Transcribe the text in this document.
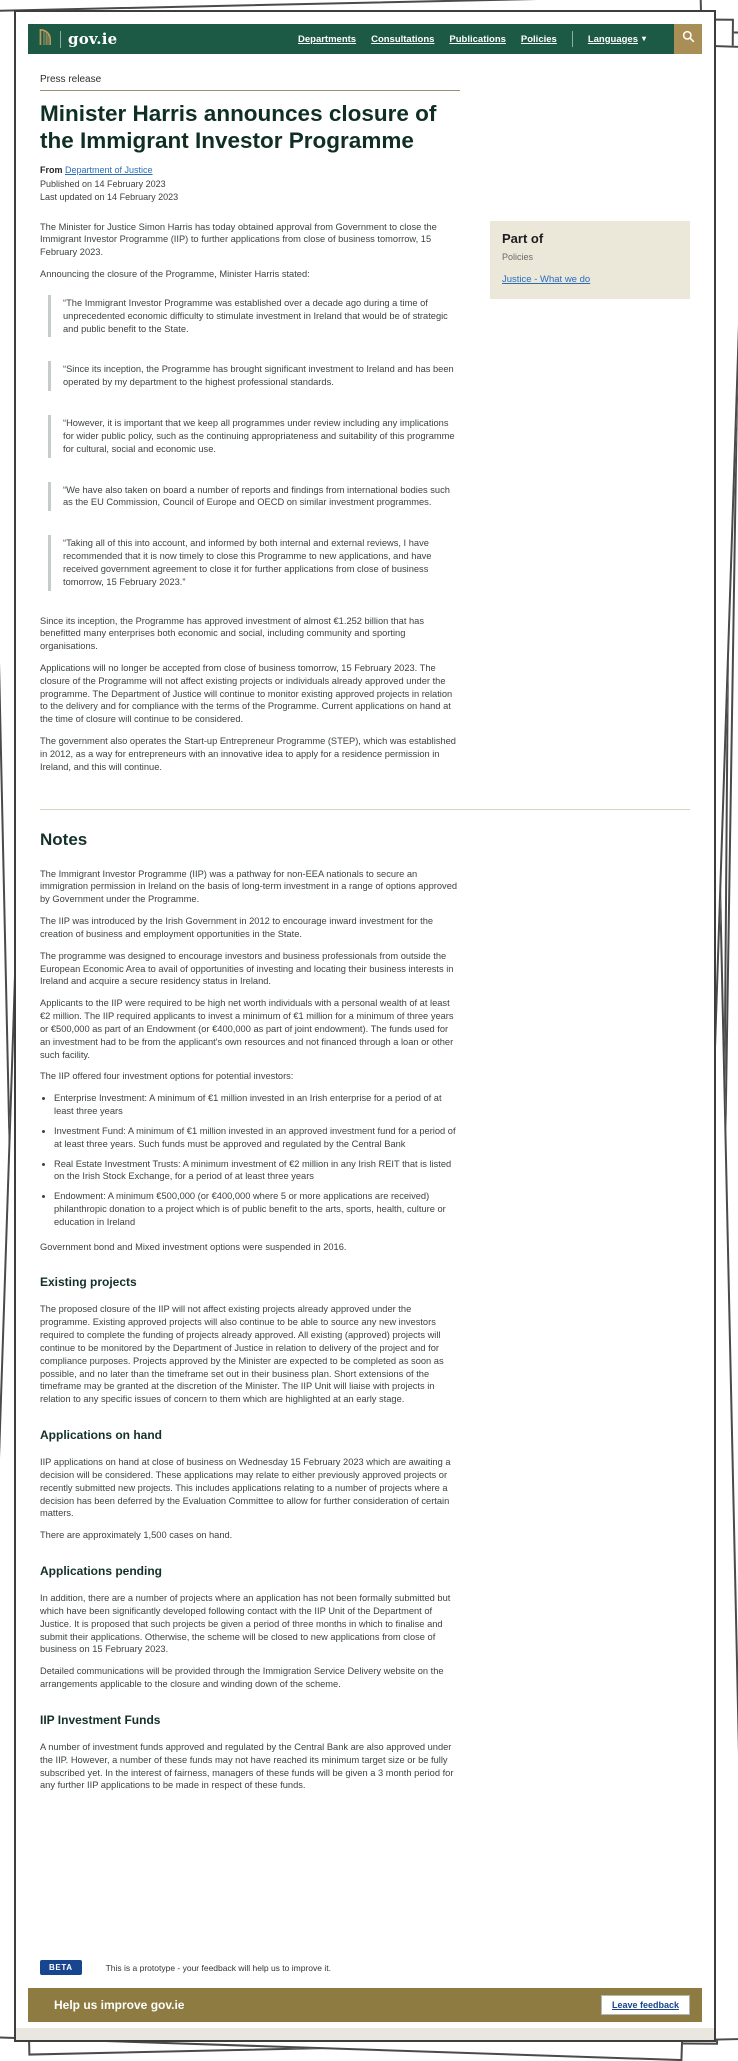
gov.ie	Departments Consultations Publications Policies	Languages ▾
Press release
Minister Harris announces closure of the Immigrant Investor Programme
From Department of Justice
Published on 14 February 2023
Last updated on 14 February 2023

The Minister for Justice Simon Harris has today obtained approval from Government to close the Immigrant Investor Programme (IIP) to further applications from close of business tomorrow, 15 February 2023.

Announcing the closure of the Programme, Minister Harris stated:

“The Immigrant Investor Programme was established over a decade ago during a time of unprecedented economic difficulty to stimulate investment in Ireland that would be of strategic and public benefit to the State.

“Since its inception, the Programme has brought significant investment to Ireland and has been operated by my department to the highest professional standards.

“However, it is important that we keep all programmes under review including any implications for wider public policy, such as the continuing appropriateness and suitability of this programme for cultural, social and economic use.

“We have also taken on board a number of reports and findings from international bodies such as the EU Commission, Council of Europe and OECD on similar investment programmes.

“Taking all of this into account, and informed by both internal and external reviews, I have recommended that it is now timely to close this Programme to new applications, and have received government agreement to close it for further applications from close of business tomorrow, 15 February 2023.”

Since its inception, the Programme has approved investment of almost €1.252 billion that has benefitted many enterprises both economic and social, including community and sporting organisations.

Applications will no longer be accepted from close of business tomorrow, 15 February 2023. The closure of the Programme will not affect existing projects or individuals already approved under the programme. The Department of Justice will continue to monitor existing approved projects in relation to the delivery and for compliance with the terms of the Programme. Current applications on hand at the time of closure will continue to be considered.

The government also operates the Start-up Entrepreneur Programme (STEP), which was established in 2012, as a way for entrepreneurs with an innovative idea to apply for a residence permission in Ireland, and this will continue.

Part of
Policies
Justice - What we do
Notes

The Immigrant Investor Programme (IIP) was a pathway for non-EEA nationals to secure an immigration permission in Ireland on the basis of long-term investment in a range of options approved by Government under the Programme.

The IIP was introduced by the Irish Government in 2012 to encourage inward investment for the creation of business and employment opportunities in the State.

The programme was designed to encourage investors and business professionals from outside the European Economic Area to avail of opportunities of investing and locating their business interests in Ireland and acquire a secure residency status in Ireland.

Applicants to the IIP were required to be high net worth individuals with a personal wealth of at least €2 million. The IIP required applicants to invest a minimum of €1 million for a minimum of three years or €500,000 as part of an Endowment (or €400,000 as part of joint endowment). The funds used for an investment had to be from the applicant's own resources and not financed through a loan or other such facility.

The IIP offered four investment options for potential investors:

• Enterprise Investment: A minimum of €1 million invested in an Irish enterprise for a period of at least three years
• Investment Fund: A minimum of €1 million invested in an approved investment fund for a period of at least three years. Such funds must be approved and regulated by the Central Bank
• Real Estate Investment Trusts: A minimum investment of €2 million in any Irish REIT that is listed on the Irish Stock Exchange, for a period of at least three years
• Endowment: A minimum €500,000 (or €400,000 where 5 or more applications are received) philanthropic donation to a project which is of public benefit to the arts, sports, health, culture or education in Ireland

Government bond and Mixed investment options were suspended in 2016.

Existing projects

The proposed closure of the IIP will not affect existing projects already approved under the programme. Existing approved projects will also continue to be able to source any new investors required to complete the funding of projects already approved. All existing (approved) projects will continue to be monitored by the Department of Justice in relation to delivery of the project and for compliance purposes. Projects approved by the Minister are expected to be completed as soon as possible, and no later than the timeframe set out in their business plan. Short extensions of the timeframe may be granted at the discretion of the Minister. The IIP Unit will liaise with projects in relation to any specific issues of concern to them which are highlighted at an early stage.

Applications on hand

IIP applications on hand at close of business on Wednesday 15 February 2023 which are awaiting a decision will be considered. These applications may relate to either previously approved projects or recently submitted new projects. This includes applications relating to a number of projects where a decision has been deferred by the Evaluation Committee to allow for further consideration of certain matters.

There are approximately 1,500 cases on hand.

Applications pending

In addition, there are a number of projects where an application has not been formally submitted but which have been significantly developed following contact with the IIP Unit of the Department of Justice. It is proposed that such projects be given a period of three months in which to finalise and submit their applications. Otherwise, the scheme will be closed to new applications from close of business on 15 February 2023.

Detailed communications will be provided through the Immigration Service Delivery website on the arrangements applicable to the closure and winding down of the scheme.

IIP Investment Funds

A number of investment funds approved and regulated by the Central Bank are also approved under the IIP. However, a number of these funds may not have reached its minimum target size or be fully subscribed yet. In the interest of fairness, managers of these funds will be given a 3 month period for any further IIP applications to be made in respect of these funds.

BETA	This is a prototype - your feedback will help us to improve it.
Help us improve gov.ie	Leave feedback
